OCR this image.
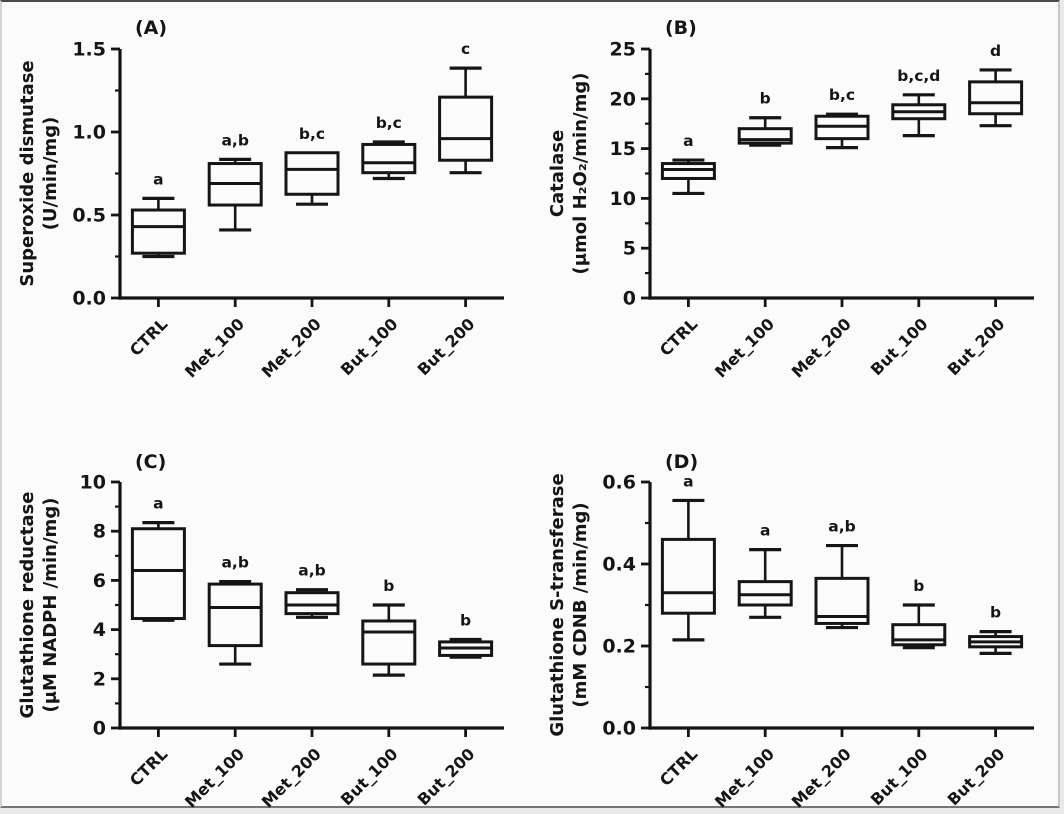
(A)
Superoxide dismutase (U/min/mg)
0.0
0.5
1.0
1.5
CTRL
a
Met_100
a,b
Met_200
b,c
But_100
b,c
But_200
c
(B)
Catalase (μmol H₂O₂/min/mg)
0
5
10
15
20
25
CTRL
a
Met_100
b
Met_200
b,c
But_100
b,c,d
But_200
d
(C)
Glutathione reductase (μM NADPH /min/mg)
0
2
4
6
8
10
CTRL
a
Met_100
a,b
Met_200
a,b
But_100
b
But_200
b
(D)
Glutathione S-transferase (mM CDNB /min/mg)
0.0
0.2
0.4
0.6
CTRL
a
Met_100
a
Met_200
a,b
But_100
b
But_200
b
